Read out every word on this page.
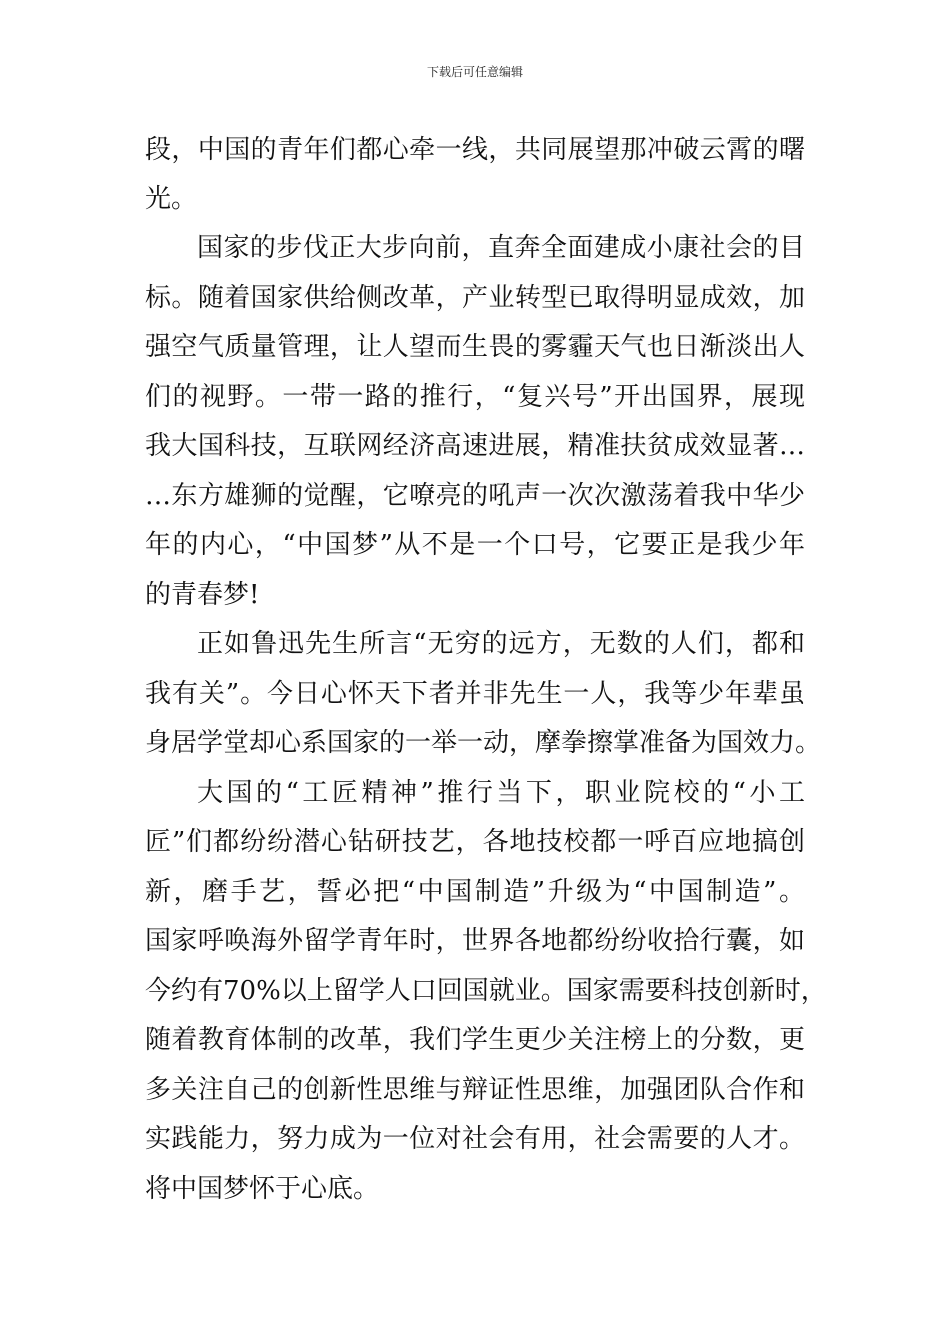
下载后可任意编辑
段，中国的青年们都心牵一线，共同展望那冲破云霄的曙
光。
国家的步伐正大步向前，直奔全面建成小康社会的目
标。随着国家供给侧改革，产业转型已取得明显成效，加
强空气质量管理，让人望而生畏的雾霾天气也日渐淡出人
们的视野。一带一路的推行，“复兴号”开出国界，展现
我大国科技，互联网经济高速进展，精准扶贫成效显著…
…东方雄狮的觉醒，它嘹亮的吼声一次次激荡着我中华少
年的内心，“中国梦”从不是一个口号，它要正是我少年
的青春梦!
正如鲁迅先生所言“无穷的远方，无数的人们，都和
我有关”。今日心怀天下者并非先生一人，我等少年辈虽
身居学堂却心系国家的一举一动，摩拳擦掌准备为国效力。
大国的“工匠精神”推行当下，职业院校的“小工
匠”们都纷纷潜心钻研技艺，各地技校都一呼百应地搞创
新，磨手艺，誓必把“中国制造”升级为“中国制造”。
国家呼唤海外留学青年时，世界各地都纷纷收拾行囊，如
今约有70%以上留学人口回国就业。国家需要科技创新时，
随着教育体制的改革，我们学生更少关注榜上的分数，更
多关注自己的创新性思维与辩证性思维，加强团队合作和
实践能力，努力成为一位对社会有用，社会需要的人才。
将中国梦怀于心底。
